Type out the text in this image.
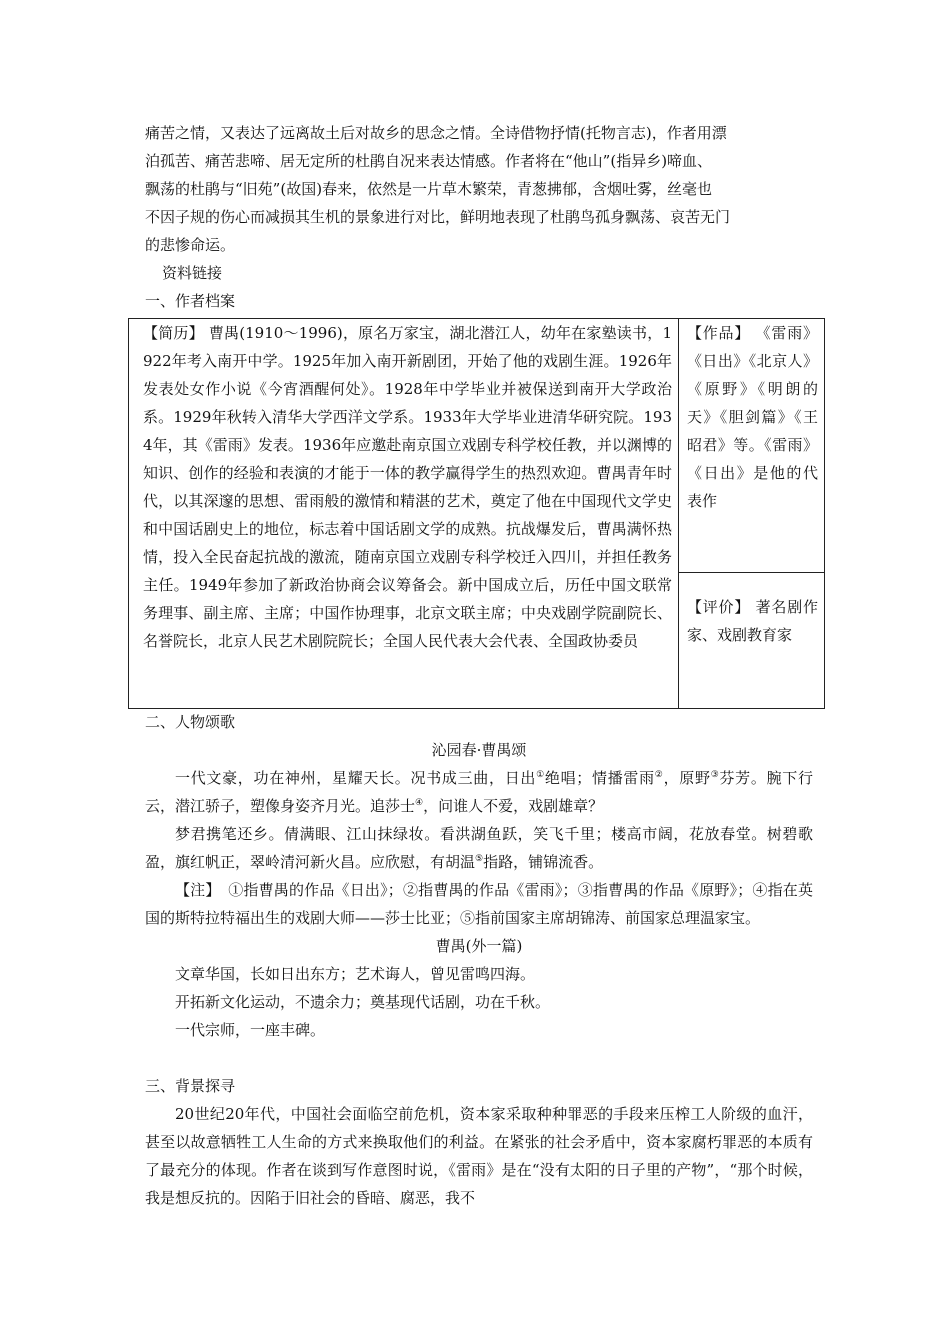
痛苦之情，又表达了远离故土后对故乡的思念之情。全诗借物抒情(托物言志)，作者用漂

泊孤苦、痛苦悲啼、居无定所的杜鹃自况来表达情感。作者将在“他山”(指异乡)啼血、

飘荡的杜鹃与“旧苑”(故国)春来，依然是一片草木繁荣，青葱拂郁，含烟吐雾，丝毫也

不因子规的伤心而减损其生机的景象进行对比，鲜明地表现了杜鹃鸟孤身飘荡、哀苦无门

的悲惨命运。

资料链接

一、作者档案

【简历】 曹禺(1910～1996)，原名万家宝，湖北潜江人，幼年在家塾读书，1922年考入南开中学。1925年加入南开新剧团，开始了他的戏剧生涯。1926年发表处女作小说《今宵酒醒何处》。1928年中学毕业并被保送到南开大学政治系。1929年秋转入清华大学西洋文学系。1933年大学毕业进清华研究院。1934年，其《雷雨》发表。1936年应邀赴南京国立戏剧专科学校任教，并以渊博的知识、创作的经验和表演的才能于一体的教学赢得学生的热烈欢迎。曹禺青年时代，以其深邃的思想、雷雨般的激情和精湛的艺术，奠定了他在中国现代文学史和中国话剧史上的地位，标志着中国话剧文学的成熟。抗战爆发后，曹禺满怀热情，投入全民奋起抗战的激流，随南京国立戏剧专科学校迁入四川，并担任教务主任。1949年参加了新政治协商会议筹备会。新中国成立后，历任中国文联常务理事、副主席、主席；中国作协理事，北京文联主席；中央戏剧学院副院长、名誉院长，北京人民艺术剧院院长；全国人民代表大会代表、全国政协委员

【作品】 《雷雨》《日出》《北京人》《原野》《明朗的天》《胆剑篇》《王昭君》等。《雷雨》《日出》是他的代表作

【评价】 著名剧作家、戏剧教育家

二、人物颂歌

沁园春·曹禺颂

一代文豪，功在神州，星耀天长。况书成三曲，日出①绝唱；情播雷雨②，原野③芬芳。腕下行云，潜江骄子，塑像身姿齐月光。追莎士④，问谁人不爱，戏剧雄章？

梦君携笔还乡。倩满眼、江山抹绿妆。看洪湖鱼跃，笑飞千里；楼高市阔，花放春堂。树碧歌盈，旗红帆正，翠岭清河新火昌。应欣慰，有胡温⑤指路，铺锦流香。

【注】　①指曹禺的作品《日出》；②指曹禺的作品《雷雨》；③指曹禺的作品《原野》；④指在英国的斯特拉特福出生的戏剧大师——莎士比亚；⑤指前国家主席胡锦涛、前国家总理温家宝。

曹禺(外一篇)

文章华国，长如日出东方；艺术诲人，曾见雷鸣四海。

开拓新文化运动，不遗余力；奠基现代话剧，功在千秋。

一代宗师，一座丰碑。

三、背景探寻

20世纪20年代，中国社会面临空前危机，资本家采取种种罪恶的手段来压榨工人阶级的血汗，甚至以故意牺牲工人生命的方式来换取他们的利益。在紧张的社会矛盾中，资本家腐朽罪恶的本质有了最充分的体现。作者在谈到写作意图时说，《雷雨》是在“没有太阳的日子里的产物”，“那个时候，我是想反抗的。因陷于旧社会的昏暗、腐恶，我不
